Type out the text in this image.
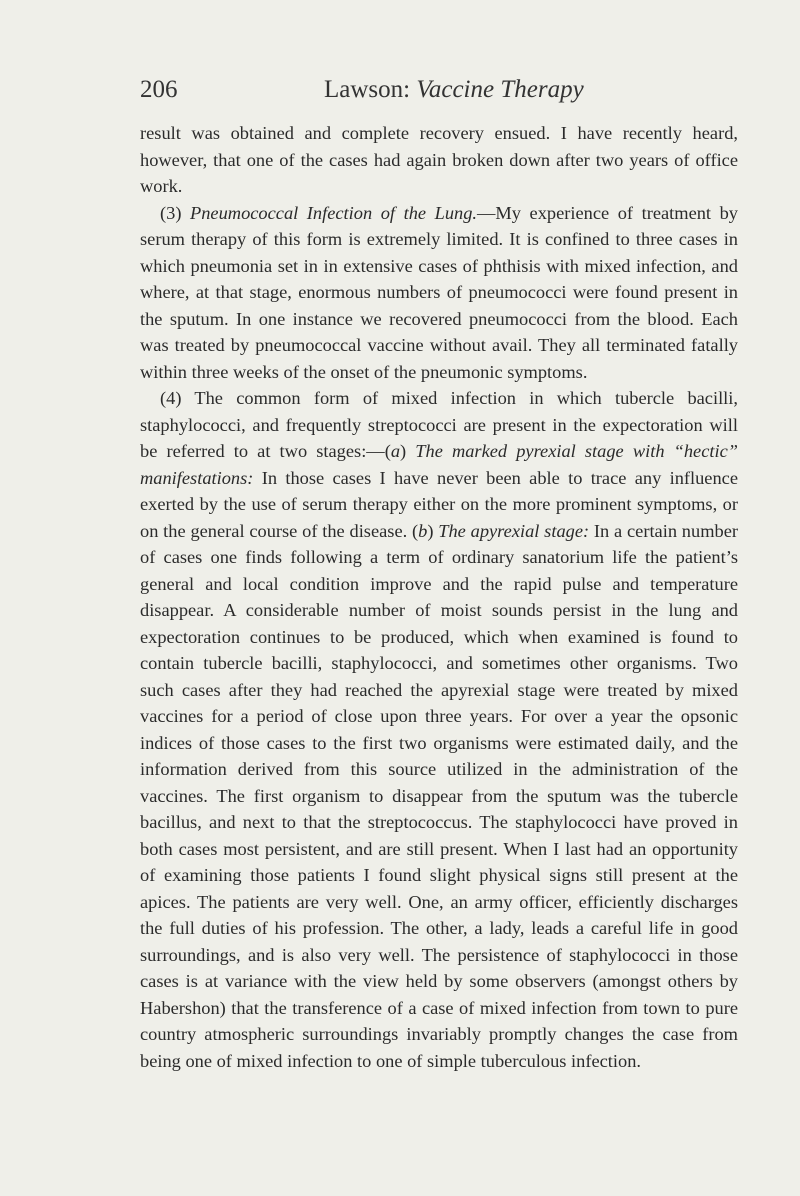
206	Lawson: Vaccine Therapy

result was obtained and complete recovery ensued. I have recently heard, however, that one of the cases had again broken down after two years of office work.

(3) Pneumococcal Infection of the Lung.—My experience of treatment by serum therapy of this form is extremely limited. It is confined to three cases in which pneumonia set in in extensive cases of phthisis with mixed infection, and where, at that stage, enormous numbers of pneumococci were found present in the sputum. In one instance we recovered pneumococci from the blood. Each was treated by pneumococcal vaccine without avail. They all terminated fatally within three weeks of the onset of the pneumonic symptoms.

(4) The common form of mixed infection in which tubercle bacilli, staphylococci, and frequently streptococci are present in the expectoration will be referred to at two stages:—(a) The marked pyrexial stage with “hectic” manifestations: In those cases I have never been able to trace any influence exerted by the use of serum therapy either on the more prominent symptoms, or on the general course of the disease. (b) The apyrexial stage: In a certain number of cases one finds following a term of ordinary sanatorium life the patient’s general and local condition improve and the rapid pulse and temperature disappear. A considerable number of moist sounds persist in the lung and expectoration continues to be produced, which when examined is found to contain tubercle bacilli, staphylococci, and sometimes other organisms. Two such cases after they had reached the apyrexial stage were treated by mixed vaccines for a period of close upon three years. For over a year the opsonic indices of those cases to the first two organisms were estimated daily, and the information derived from this source utilized in the administration of the vaccines. The first organism to disappear from the sputum was the tubercle bacillus, and next to that the streptococcus. The staphylococci have proved in both cases most persistent, and are still present. When I last had an opportunity of examining those patients I found slight physical signs still present at the apices. The patients are very well. One, an army officer, efficiently discharges the full duties of his profession. The other, a lady, leads a careful life in good surroundings, and is also very well. The persistence of staphylococci in those cases is at variance with the view held by some observers (amongst others by Habershon) that the transference of a case of mixed infection from town to pure country atmospheric surroundings invariably promptly changes the case from being one of mixed infection to one of simple tuberculous infection.
